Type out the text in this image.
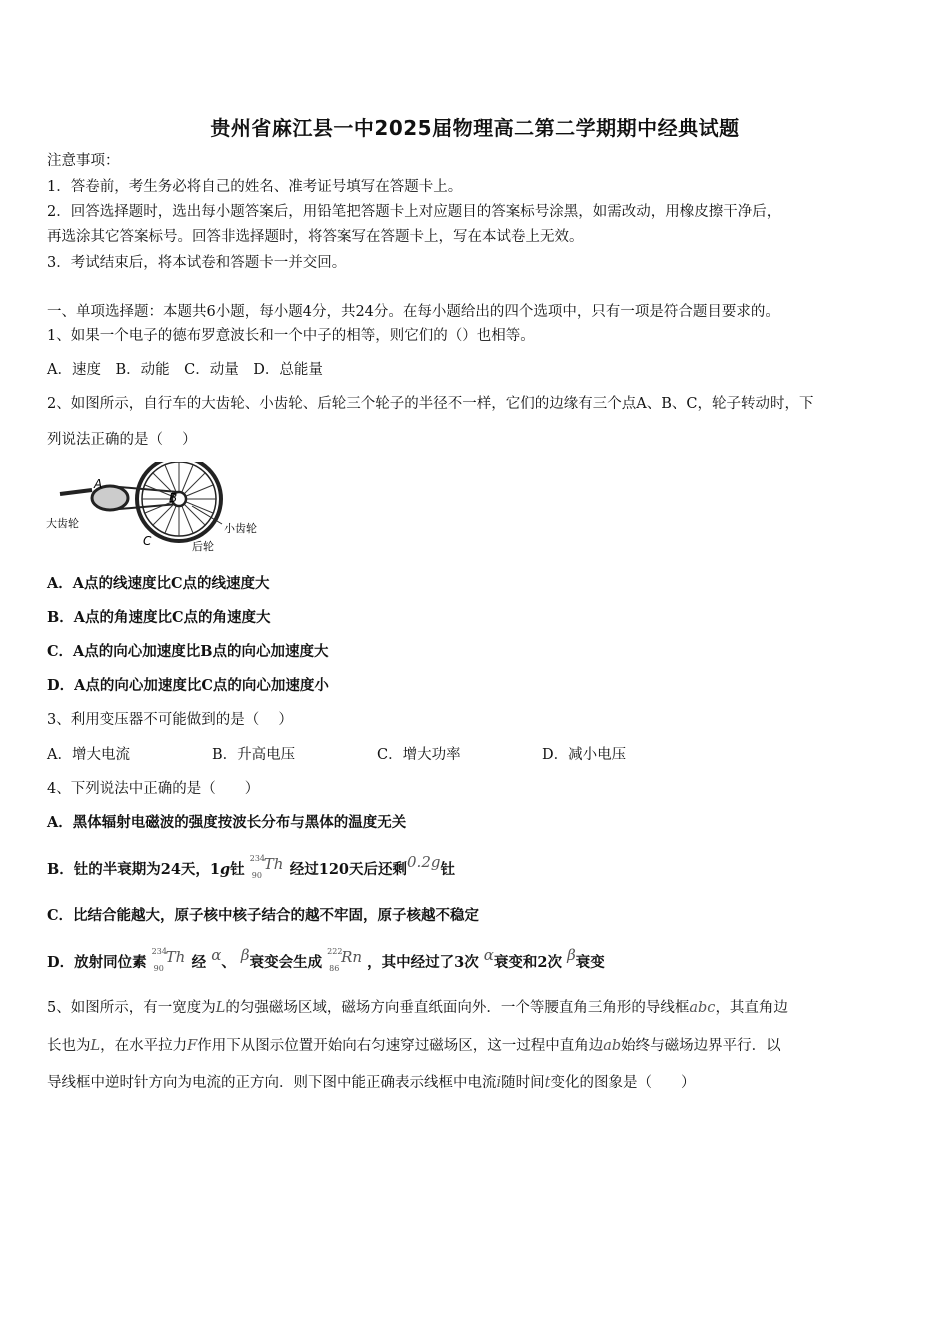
贵州省麻江县一中2025届物理高二第二学期期中经典试题
注意事项：
1．答卷前，考生务必将自己的姓名、准考证号填写在答题卡上。
2．回答选择题时，选出每小题答案后，用铅笔把答题卡上对应题目的答案标号涂黑，如需改动，用橡皮擦干净后，
再选涂其它答案标号。回答非选择题时，将答案写在答题卡上，写在本试卷上无效。
3．考试结束后，将本试卷和答题卡一并交回。
一、单项选择题：本题共6小题，每小题4分，共24分。在每小题给出的四个选项中，只有一项是符合题目要求的。
1、如果一个电子的德布罗意波长和一个中子的相等，则它们的（）也相等。
A．速度　B．动能　C．动量　D．总能量
2、如图所示，自行车的大齿轮、小齿轮、后轮三个轮子的半径不一样，它们的边缘有三个点A、B、C，轮子转动时，下
列说法正确的是（　 ）
A
B
C
大齿轮	小齿轮
后轮
A．A点的线速度比C点的线速度大
B．A点的角速度比C点的角速度大
C．A点的向心加速度比B点的向心加速度大
D．A点的向心加速度比C点的向心加速度小
3、利用变压器不可能做到的是（　 ）
A．增大电流	B．升高电压	C．增大功率	D．减小电压
4、下列说法中正确的是（　　）
A．黑体辐射电磁波的强度按波长分布与黑体的温度无关
B．钍的半衰期为24天，1g钍
234
90
Th 经过120天后还剩0.2g钍
C．比结合能越大，原子核中核子结合的越不牢固，原子核越不稳定
D．放射同位素
234
90
Th 经 α、 β衰变会生成
222
86
Rn ，其中经过了3次 α衰变和2次 β衰变
5、如图所示，有一宽度为L的匀强磁场区域，磁场方向垂直纸面向外．一个等腰直角三角形的导线框abc，其直角边
长也为L，在水平拉力F作用下从图示位置开始向右匀速穿过磁场区，这一过程中直角边ab始终与磁场边界平行．以
导线框中逆时针方向为电流的正方向．则下图中能正确表示线框中电流i随时间t变化的图象是（　　）
